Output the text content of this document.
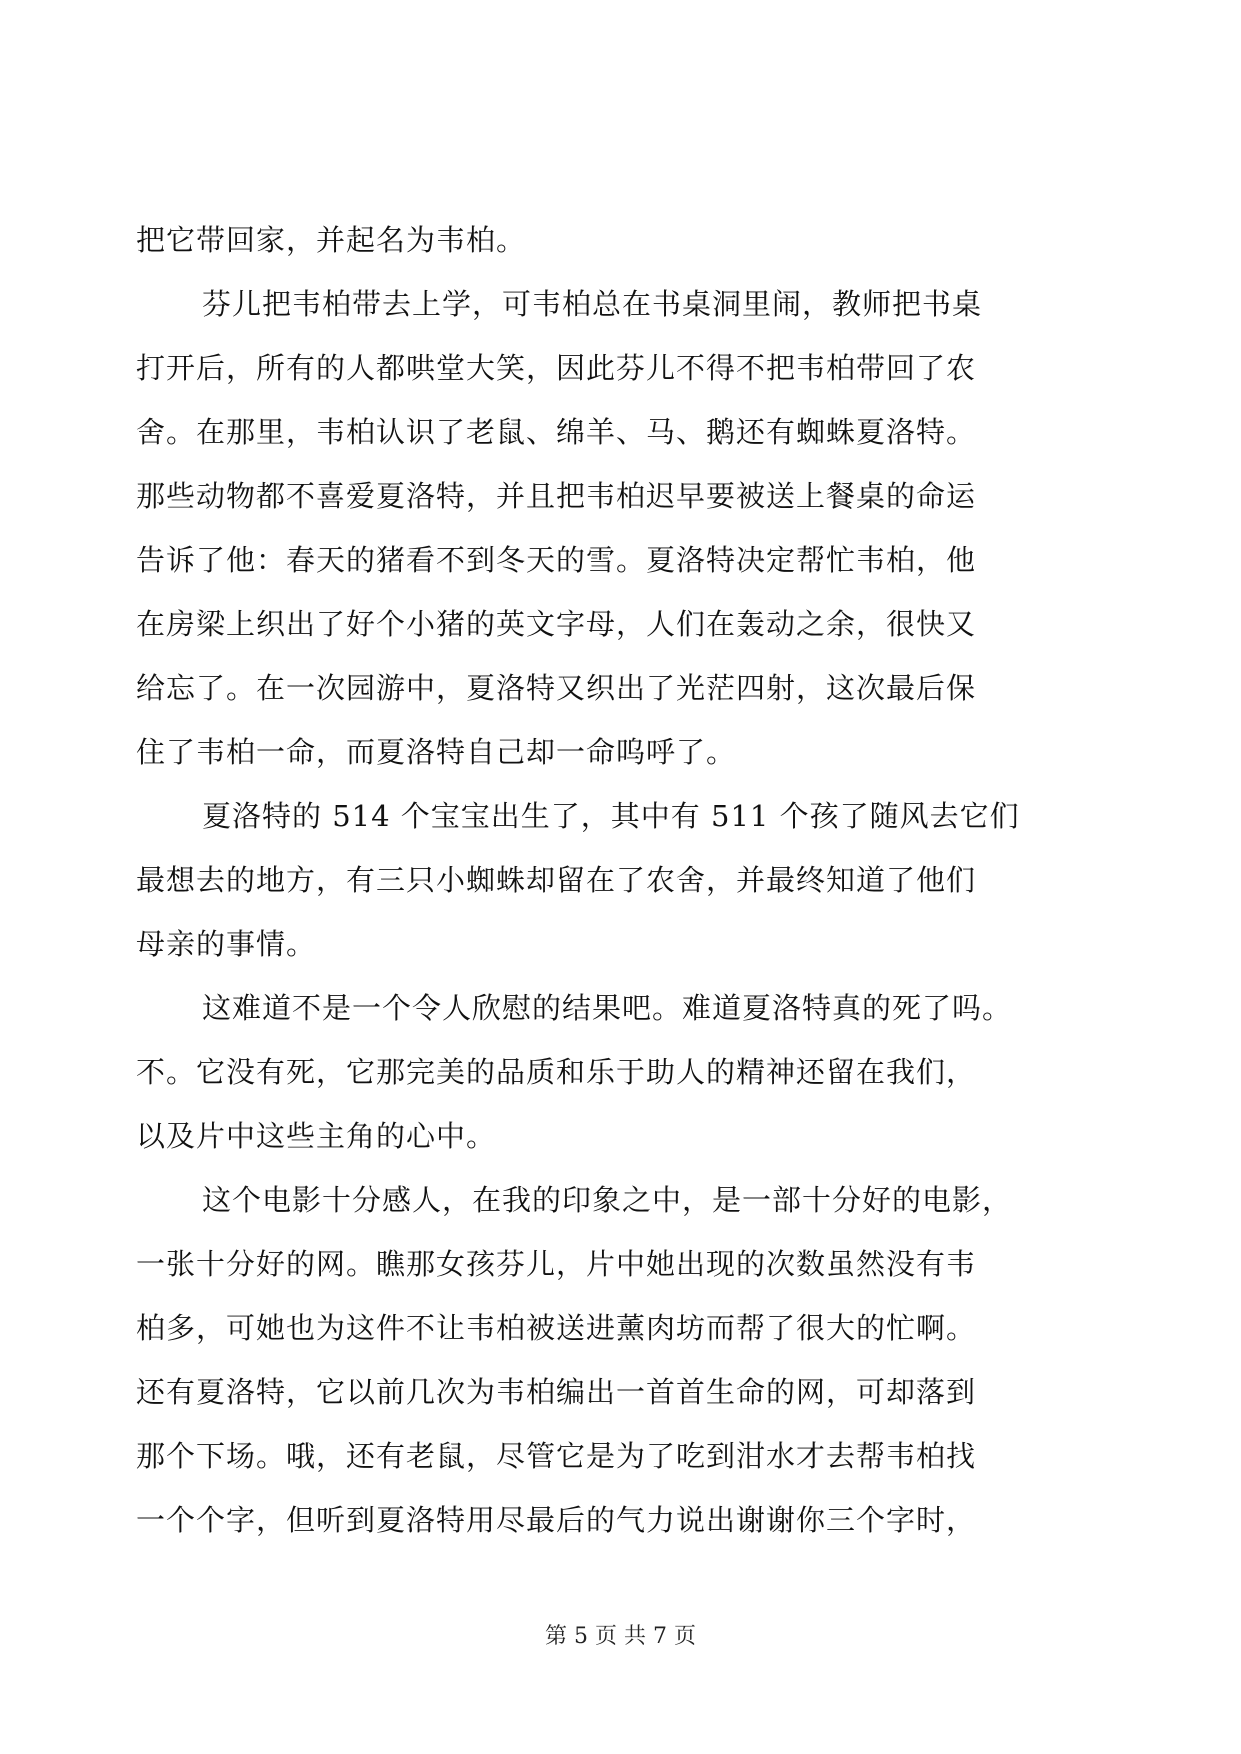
把它带回家，并起名为韦柏。
芬儿把韦柏带去上学，可韦柏总在书桌洞里闹，教师把书桌
打开后，所有的人都哄堂大笑，因此芬儿不得不把韦柏带回了农
舍。在那里，韦柏认识了老鼠、绵羊、马、鹅还有蜘蛛夏洛特。
那些动物都不喜爱夏洛特，并且把韦柏迟早要被送上餐桌的命运
告诉了他：春天的猪看不到冬天的雪。夏洛特决定帮忙韦柏，他
在房梁上织出了好个小猪的英文字母，人们在轰动之余，很快又
给忘了。在一次园游中，夏洛特又织出了光茫四射，这次最后保
住了韦柏一命，而夏洛特自己却一命呜呼了。
夏洛特的 514 个宝宝出生了，其中有 511 个孩了随风去它们
最想去的地方，有三只小蜘蛛却留在了农舍，并最终知道了他们
母亲的事情。
这难道不是一个令人欣慰的结果吧。难道夏洛特真的死了吗。
不。它没有死，它那完美的品质和乐于助人的精神还留在我们，
以及片中这些主角的心中。
这个电影十分感人，在我的印象之中，是一部十分好的电影，
一张十分好的网。瞧那女孩芬儿，片中她出现的次数虽然没有韦
柏多，可她也为这件不让韦柏被送进薰肉坊而帮了很大的忙啊。
还有夏洛特，它以前几次为韦柏编出一首首生命的网，可却落到
那个下场。哦，还有老鼠，尽管它是为了吃到泔水才去帮韦柏找
一个个字，但听到夏洛特用尽最后的气力说出谢谢你三个字时，
第 5 页 共 7 页
